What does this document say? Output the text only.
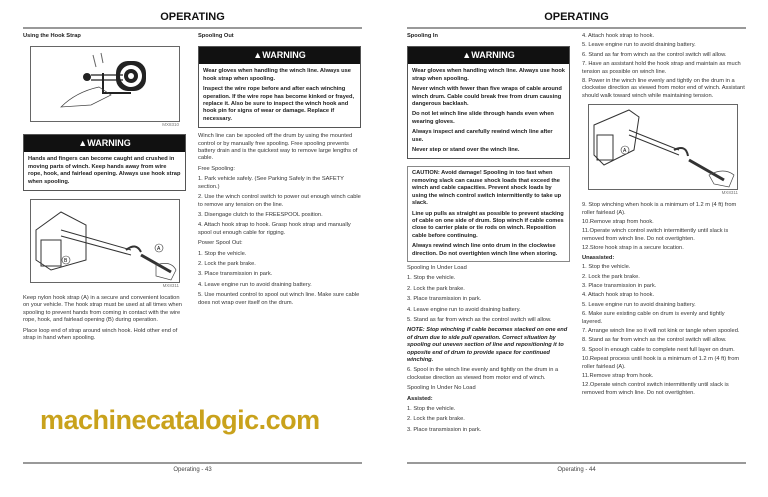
OPERATING
Using the Hook Strap
MX8310
▲WARNING

Hands and fingers can become caught and crushed in moving parts of winch. Keep hands away from wire rope, hook, and fairlead opening. Always use hook strap when spooling.

B
A
MX8311

Keep nylon hook strap (A) in a secure and convenient location on your vehicle. The hook strap must be used at all times when spooling to prevent hands from coming in contact with the wire rope, hook, and fairlead opening (B) during operation.

Place loop end of strap around winch hook. Hold other end of strap in hand when spooling.

Spooling Out
▲WARNING

Wear gloves when handling the winch line. Always use hook strap when spooling.

Inspect the wire rope before and after each winching operation. If the wire rope has become kinked or frayed, replace it. Also be sure to inspect the winch hook and hook pin for signs of wear or damage. Replace if necessary.

Winch line can be spooled off the drum by using the mounted control or by manually free spooling. Free spooling prevents battery drain and is the quickest way to remove large lengths of cable.

Free Spooling:

1. Park vehicle safely. (See Parking Safely in the SAFETY section.)

2. Use the winch control switch to power out enough winch cable to remove any tension on the line.

3. Disengage clutch to the FREESPOOL position.

4. Attach hook strap to hook. Grasp hook strap and manually spool out enough cable for rigging.

Power Spool Out:

1. Stop the vehicle.

2. Lock the park brake.

3. Place transmission in park.

4. Leave engine run to avoid draining battery.

5. Use mounted control to spool out winch line. Make sure cable does not wrap over itself on the drum.

Operating - 43
OPERATING
Spooling In
▲WARNING

Wear gloves when handling winch line. Always use hook strap when spooling.

Never winch with fewer than five wraps of cable around winch drum. Cable could break free from drum causing dangerous backlash.

Do not let winch line slide through hands even when wearing gloves.

Always inspect and carefully rewind winch line after use.

Never step or stand over the winch line.

CAUTION: Avoid damage! Spooling in too fast when removing slack can cause shock loads that exceed the winch and cable capacities. Prevent shock loads by using the winch control switch intermittently to take up slack.

Line up pulls as straight as possible to prevent stacking of cable on one side of drum. Stop winch if cable comes close to carrier plate or tie rods on winch. Reposition cable before continuing.

Always rewind winch line onto drum in the clockwise direction. Do not overtighten winch line when storing.

Spooling In Under Load

1. Stop the vehicle.

2. Lock the park brake.

3. Place transmission in park.

4. Leave engine run to avoid draining battery.

5. Stand as far from winch as the control switch will allow.

NOTE: Stop winching if cable becomes stacked on one end of drum due to side pull operation. Correct situation by spooling out uneven section of line and repositioning it to opposite end of drum to provide space for continued winching.

6. Spool in the winch line evenly and tightly on the drum in a clockwise direction as viewed from motor end of winch.

Spooling In Under No Load

Assisted:

1. Stop the vehicle.

2. Lock the park brake.

3. Place transmission in park.

4. Attach hook strap to hook.

5. Leave engine run to avoid draining battery.

6. Stand as far from winch as the control switch will allow.

7. Have an assistant hold the hook strap and maintain as much tension as possible on winch line.

8. Power in the winch line evenly and tightly on the drum in a clockwise direction as viewed from motor end of winch. Assistant should walk toward winch while maintaining tension.

A
MX8311

9. Stop winching when hook is a minimum of 1.2 m (4 ft) from roller fairlead (A).

10.Remove strap from hook.

11.Operate winch control switch intermittently until slack is removed from winch line. Do not overtighten.

12.Store hook strap in a secure location.

Unassisted:

1. Stop the vehicle.

2. Lock the park brake.

3. Place transmission in park.

4. Attach hook strap to hook.

5. Leave engine run to avoid draining battery.

6. Make sure existing cable on drum is evenly and tightly layered.

7. Arrange winch line so it will not kink or tangle when spooled.

8. Stand as far from winch as the control switch will allow.

9. Spool in enough cable to complete next full layer on drum.

10.Repeat process until hook is a minimum of 1.2 m (4 ft) from roller fairlead (A).

11.Remove strap from hook.

12.Operate winch control switch intermittently until slack is removed from winch line. Do not overtighten.

Operating - 44
machinecatalogic.com
